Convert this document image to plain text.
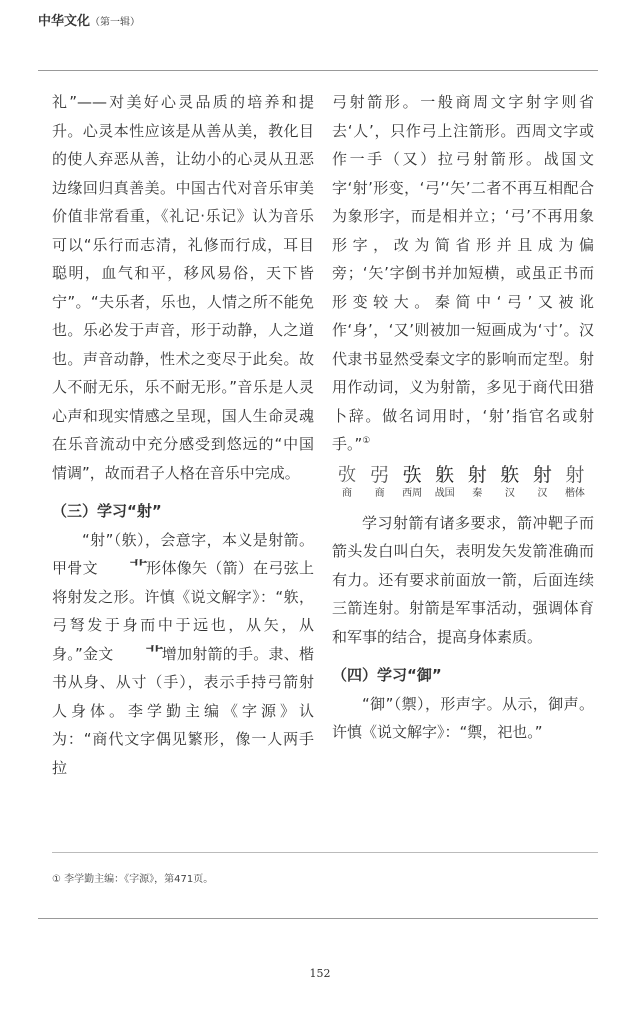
中华文化（第一辑）

礼”——对美好心灵品质的培养和提升。心灵本性应该是从善从美，教化目的使人弃恶从善，让幼小的心灵从丑恶边缘回归真善美。中国古代对音乐审美价值非常看重，《礼记·乐记》认为音乐可以“乐行而志清，礼修而行成，耳目聪明，血气和平，移风易俗，天下皆宁”。“夫乐者，乐也，人情之所不能免也。乐必发于声音，形于动静，人之道也。声音动静，性术之变尽于此矣。故人不耐无乐，乐不耐无形。”音乐是人灵心声和现实情感之呈现，国人生命灵魂在乐音流动中充分感受到悠远的“中国情调”，故而君子人格在音乐中完成。

（三）学习“射”

“射”（䠶），会意字，本义是射箭。甲骨文 ⻀形体像矢（箭）在弓弦上将射发之形。许慎《说文解字》：“䠶，弓弩发于身而中于远也，从矢，从身。”金文 ⻀增加射箭的手。隶、楷书从身、从寸（手），表示手持弓箭射人身体。李学勤主编《字源》认为：“商代文字偶见繁形，像一人两手拉

弓射箭形。一般商周文字射字则省去‘人’，只作弓上注箭形。西周文字或作一手（又）拉弓射箭形。战国文字‘射’形变，‘弓’‘矢’二者不再互相配合为象形字，而是相并立；‘弓’不再用象形字，改为简省形并且成为偏旁；‘矢’字倒书并加短横，或虽正书而形变较大。秦简中‘弓’又被讹作‘身’，‘又’则被加一短画成为‘寸’。汉代隶书显然受秦文字的影响而定型。射用作动词，义为射箭，多见于商代田猎卜辞。做名词用时，‘射’指官名或射手。”①

𢎿
商
弜
商
矤
西周
䠶
战国
射
秦
䠶
汉
射
汉
射
楷体

学习射箭有诸多要求，箭冲靶子而箭头发白叫白矢，表明发矢发箭准确而有力。还有要求前面放一箭，后面连续三箭连射。射箭是军事活动，强调体育和军事的结合，提高身体素质。

（四）学习“御”

“御”（禦），形声字。从示，御声。许慎《说文解字》：“禦，祀也。”

① 李学勤主编：《字源》，第471页。
152
